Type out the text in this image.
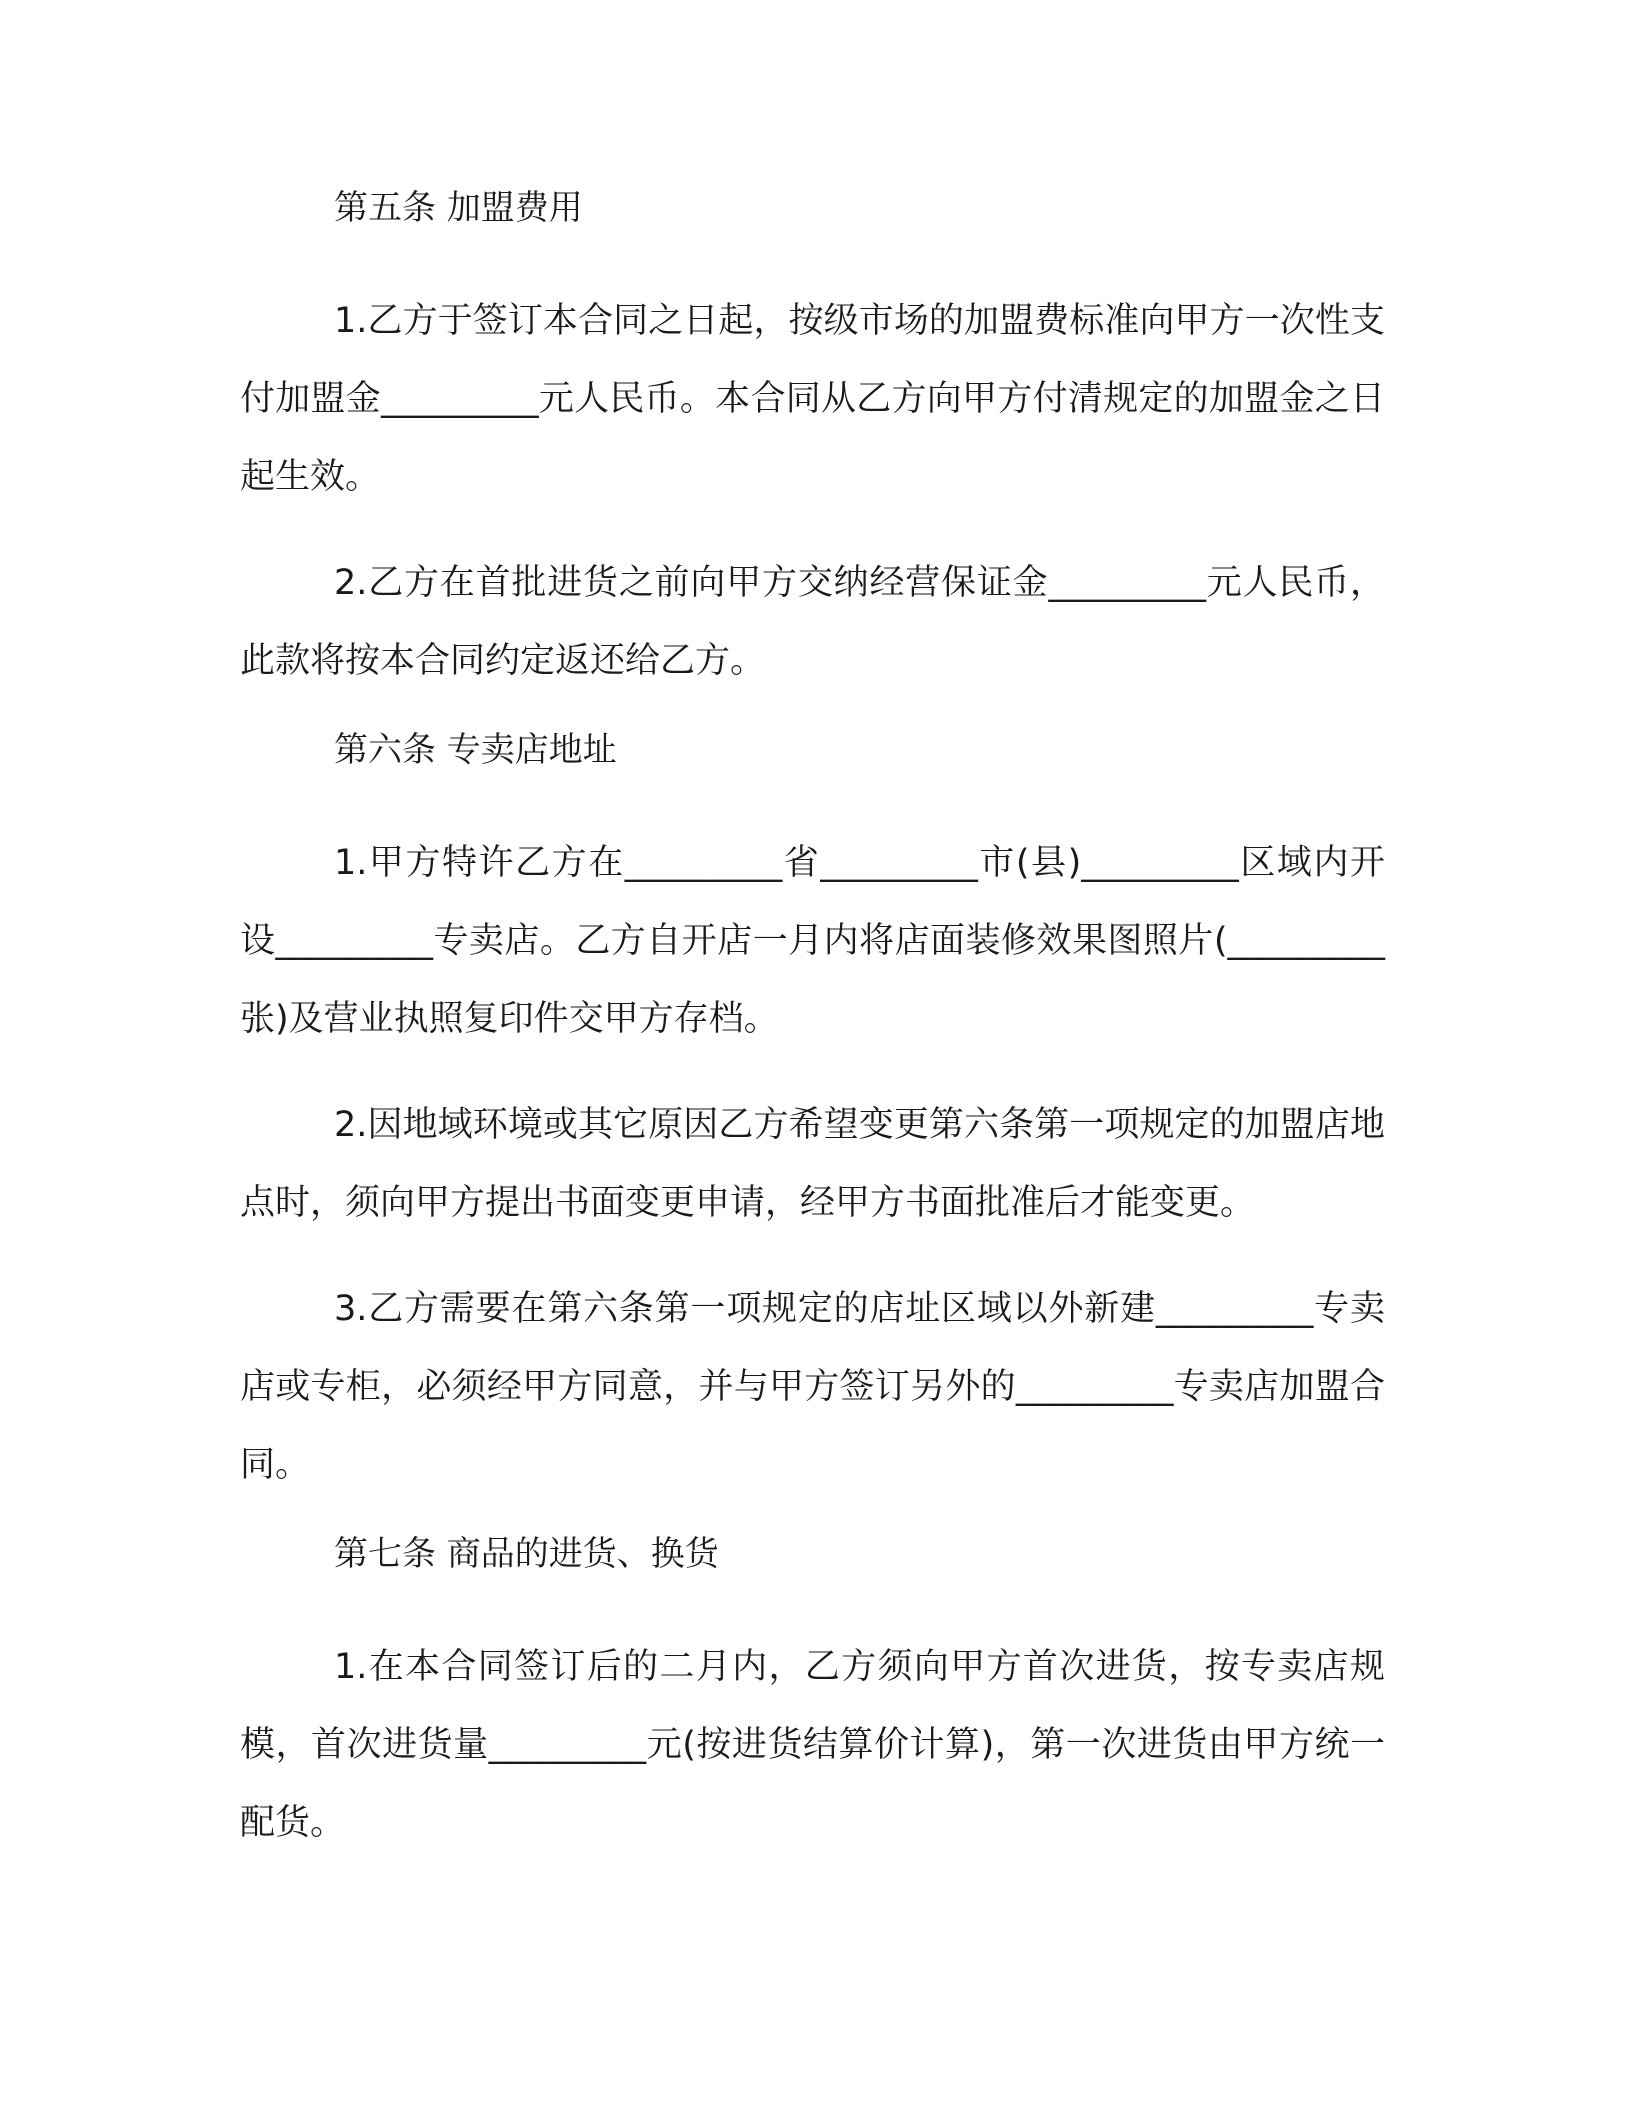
第五条 加盟费用

1.乙方于签订本合同之日起，按级市场的加盟费标准向甲方一次性支付加盟金_________元人民币。本合同从乙方向甲方付清规定的加盟金之日起生效。

2.乙方在首批进货之前向甲方交纳经营保证金_________元人民币，此款将按本合同约定返还给乙方。

第六条 专卖店地址

1.甲方特许乙方在_________省_________市(县)_________区域内开设_________专卖店。乙方自开店一月内将店面装修效果图照片(_________张)及营业执照复印件交甲方存档。

2.因地域环境或其它原因乙方希望变更第六条第一项规定的加盟店地点时，须向甲方提出书面变更申请，经甲方书面批准后才能变更。

3.乙方需要在第六条第一项规定的店址区域以外新建_________专卖店或专柜，必须经甲方同意，并与甲方签订另外的_________专卖店加盟合同。

第七条 商品的进货、换货

1.在本合同签订后的二月内，乙方须向甲方首次进货，按专卖店规模，首次进货量_________元(按进货结算价计算)，第一次进货由甲方统一配货。
